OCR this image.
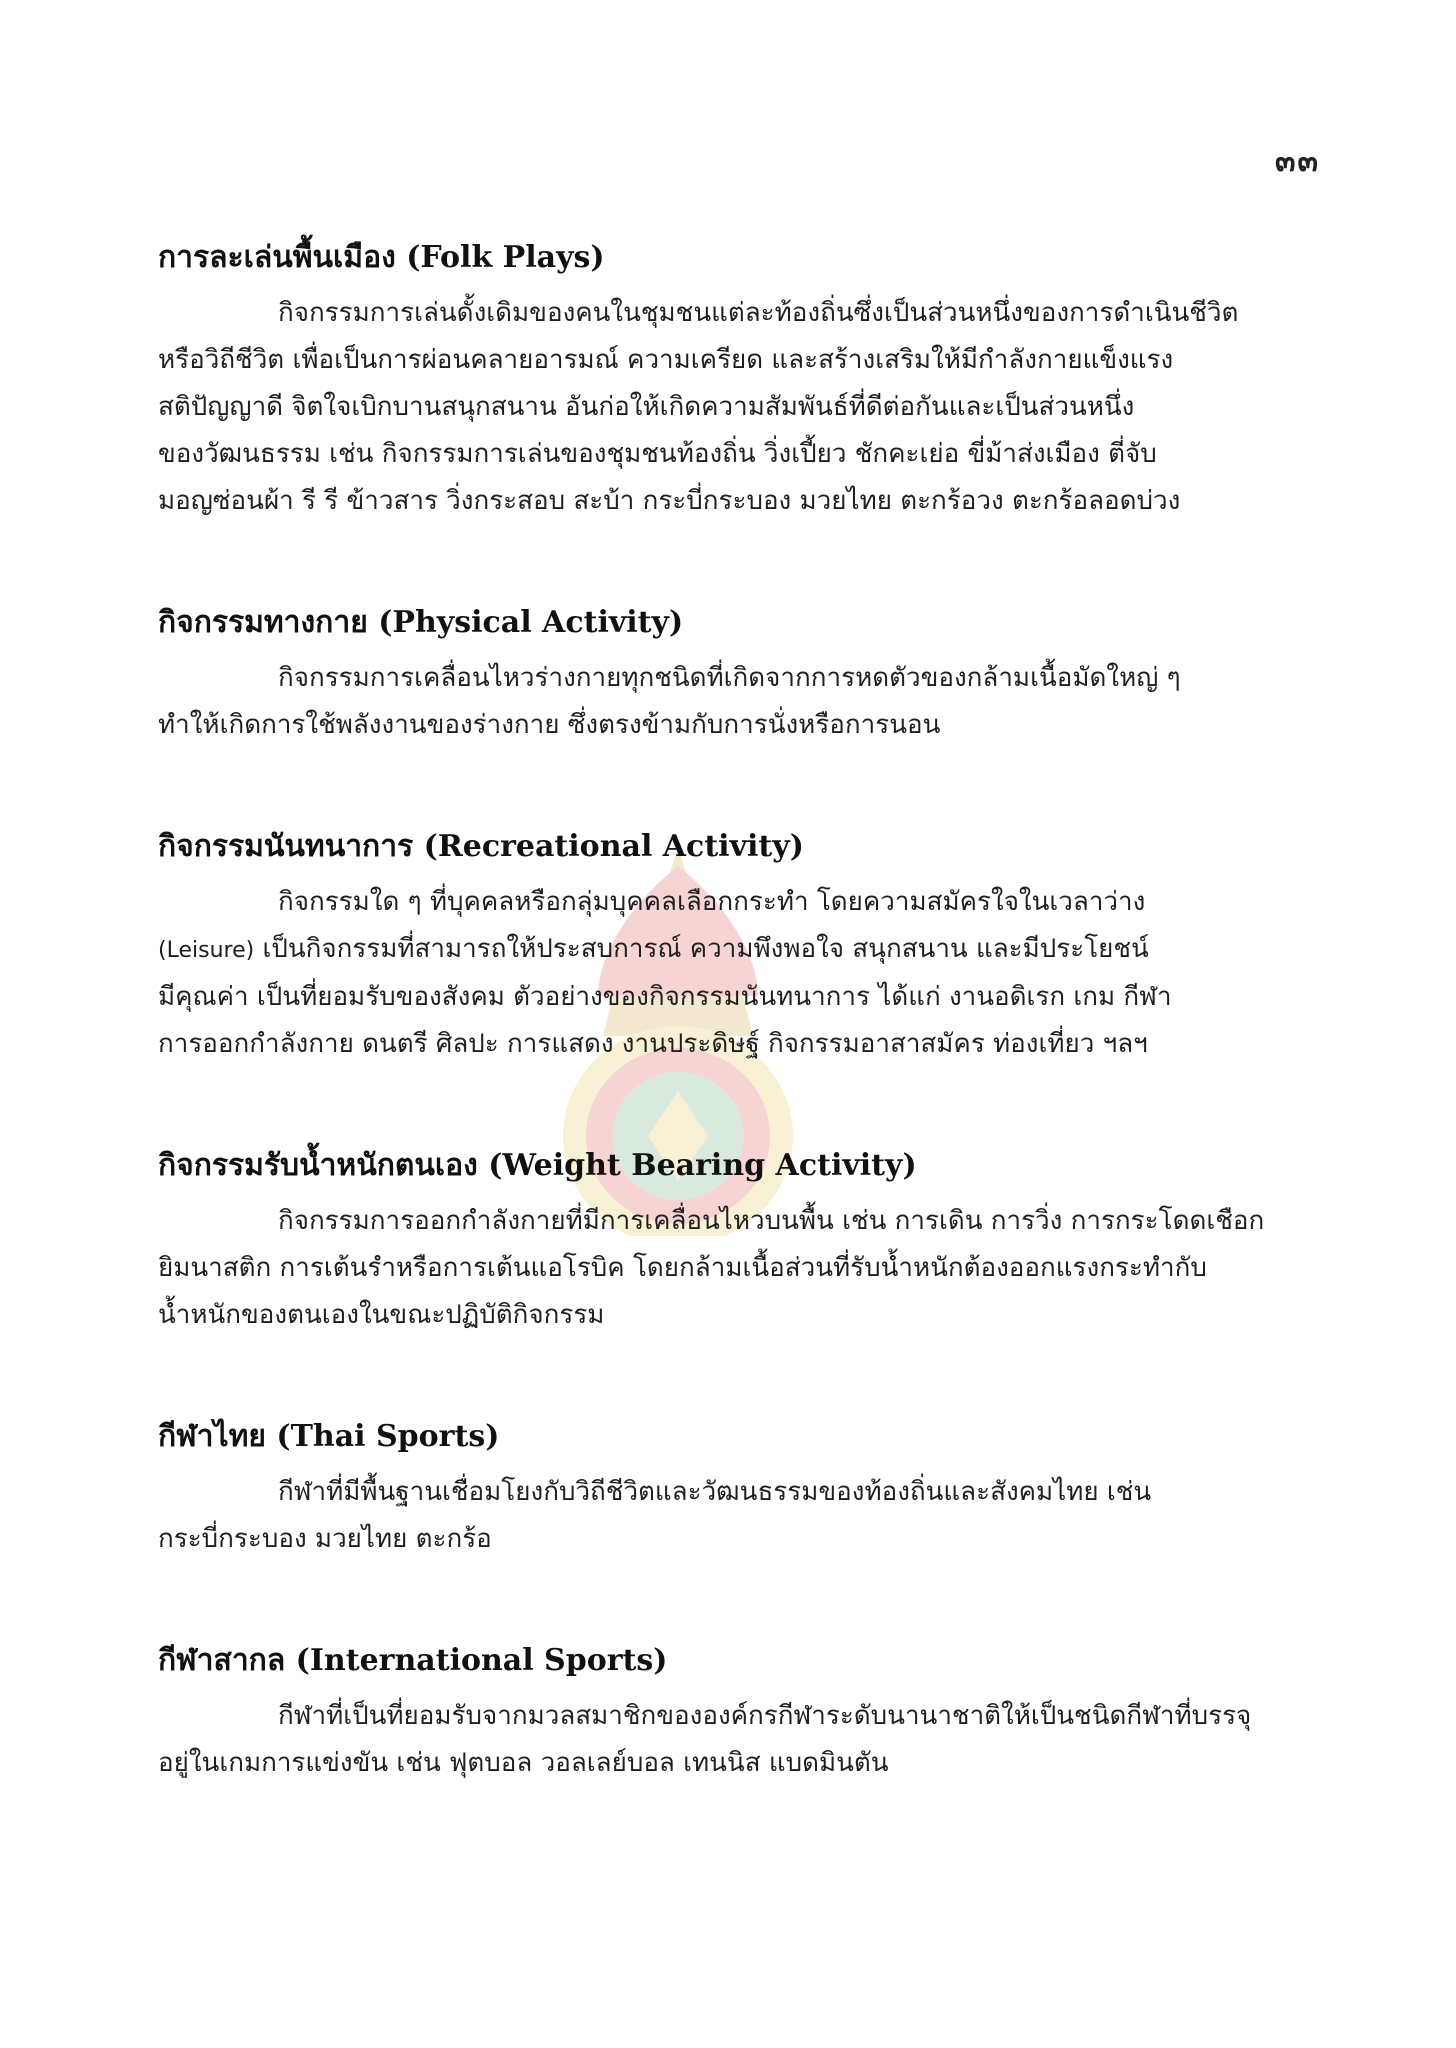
๓๓
การละเล่นพื้นเมือง (Folk Plays)

กิจกรรมการเล่นดั้งเดิมของคนในชุมชนแต่ละท้องถิ่นซึ่งเป็นส่วนหนึ่งของการดำเนินชีวิต
หรือวิถีชีวิต เพื่อเป็นการผ่อนคลายอารมณ์ ความเครียด และสร้างเสริมให้มีกำลังกายแข็งแรง
สติปัญญาดี จิตใจเบิกบานสนุกสนาน อันก่อให้เกิดความสัมพันธ์ที่ดีต่อกันและเป็นส่วนหนึ่ง
ของวัฒนธรรม เช่น กิจกรรมการเล่นของชุมชนท้องถิ่น วิ่งเปี้ยว ชักคะเย่อ ขี่ม้าส่งเมือง ตี่จับ
มอญซ่อนผ้า รี รี ข้าวสาร วิ่งกระสอบ สะบ้า กระบี่กระบอง มวยไทย ตะกร้อวง ตะกร้อลอดบ่วง

กิจกรรมทางกาย (Physical Activity)

กิจกรรมการเคลื่อนไหวร่างกายทุกชนิดที่เกิดจากการหดตัวของกล้ามเนื้อมัดใหญ่ ๆ
ทำให้เกิดการใช้พลังงานของร่างกาย ซึ่งตรงข้ามกับการนั่งหรือการนอน

กิจกรรมนันทนาการ (Recreational Activity)

กิจกรรมใด ๆ ที่บุคคลหรือกลุ่มบุคคลเลือกกระทำ โดยความสมัครใจในเวลาว่าง
(Leisure) เป็นกิจกรรมที่สามารถให้ประสบการณ์ ความพึงพอใจ สนุกสนาน และมีประโยชน์
มีคุณค่า เป็นที่ยอมรับของสังคม ตัวอย่างของกิจกรรมนันทนาการ ได้แก่ งานอดิเรก เกม กีฬา
การออกกำลังกาย ดนตรี ศิลปะ การแสดง งานประดิษฐ์ กิจกรรมอาสาสมัคร ท่องเที่ยว ฯลฯ

กิจกรรมรับน้ำหนักตนเอง (Weight Bearing Activity)

กิจกรรมการออกกำลังกายที่มีการเคลื่อนไหวบนพื้น เช่น การเดิน การวิ่ง การกระโดดเชือก
ยิมนาสติก การเต้นรำหรือการเต้นแอโรบิค โดยกล้ามเนื้อส่วนที่รับน้ำหนักต้องออกแรงกระทำกับ
น้ำหนักของตนเองในขณะปฏิบัติกิจกรรม

กีฬาไทย (Thai Sports)

กีฬาที่มีพื้นฐานเชื่อมโยงกับวิถีชีวิตและวัฒนธรรมของท้องถิ่นและสังคมไทย เช่น
กระบี่กระบอง มวยไทย ตะกร้อ

กีฬาสากล (International Sports)

กีฬาที่เป็นที่ยอมรับจากมวลสมาชิกขององค์กรกีฬาระดับนานาชาติให้เป็นชนิดกีฬาที่บรรจุ
อยู่ในเกมการแข่งขัน เช่น ฟุตบอล วอลเลย์บอล เทนนิส แบดมินตัน
